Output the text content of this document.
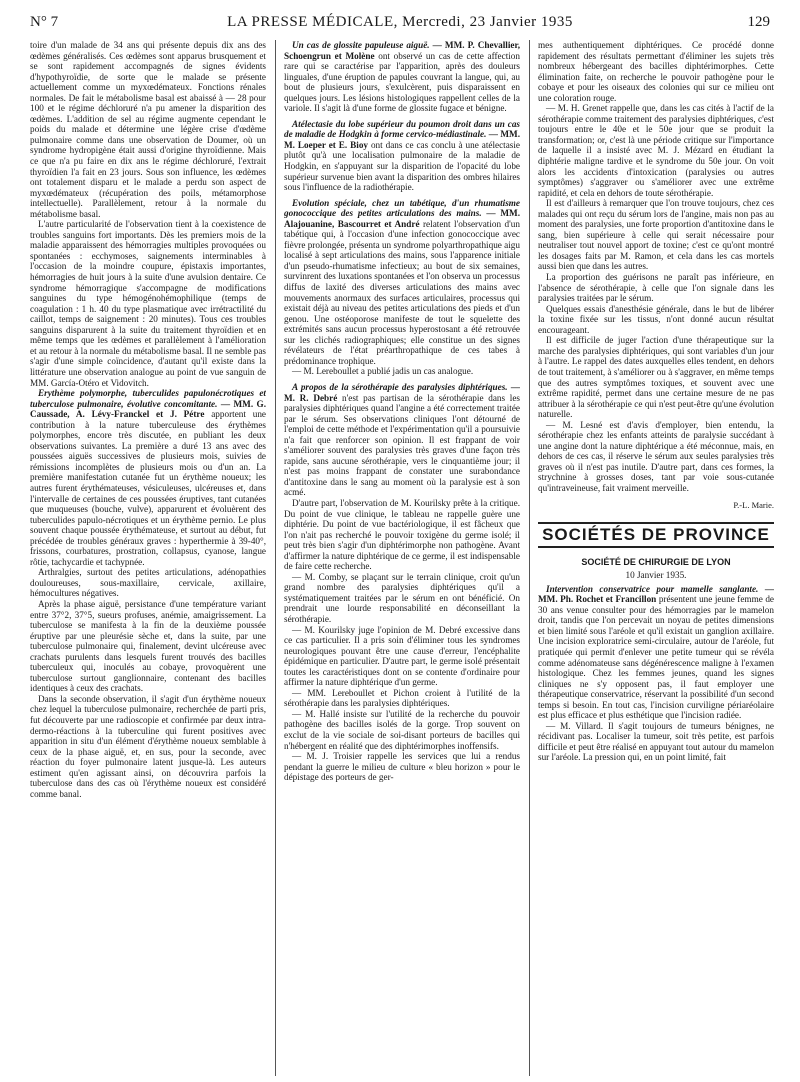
N° 7	LA PRESSE MÉDICALE, Mercredi, 23 Janvier 1935	129

toire d'un malade de 34 ans qui présente depuis dix ans des œdèmes généralisés. Ces œdèmes sont apparus brusquement et se sont rapidement accompagnés de signes évidents d'hypothyroïdie, de sorte que le malade se présente actuellement comme un myxœdémateux. Fonctions rénales normales. De fait le métabolisme basal est abaissé à — 28 pour 100 et le régime déchloruré n'a pu amener la disparition des œdèmes. L'addition de sel au régime augmente cependant le poids du malade et détermine une légère crise d'œdème pulmonaire comme dans une observation de Doumer, où un syndrome hydropigène était aussi d'origine thyroïdienne. Mais ce que n'a pu faire en dix ans le régime déchloruré, l'extrait thyroïdien l'a fait en 23 jours. Sous son influence, les œdèmes ont totalement disparu et le malade a perdu son aspect de myxœdémateux (récupération des poils, métamorphose intellectuelle). Parallèlement, retour à la normale du métabolisme basal.

L'autre particularité de l'observation tient à la coexistence de troubles sanguins fort importants. Dès les premiers mois de la maladie apparaissent des hémorragies multiples provoquées ou spontanées : ecchymoses, saignements interminables à l'occasion de la moindre coupure, épistaxis importantes, hémorragies de huit jours à la suite d'une avulsion dentaire. Ce syndrome hémorragique s'accompagne de modifications sanguines du type hémogénohémophilique (temps de coagulation : 1 h. 40 du type plasmatique avec irrétractilité du caillot, temps de saignement : 20 minutes). Tous ces troubles sanguins disparurent à la suite du traitement thyroïdien et en même temps que les œdèmes et parallèlement à l'amélioration et au retour à la normale du métabolisme basal. Il ne semble pas s'agir d'une simple coïncidence, d'autant qu'il existe dans la littérature une observation analogue au point de vue sanguin de MM. García-Otéro et Vidovitch.

Erythème polymorphe, tuberculides papulonécrotiques et tuberculose pulmonaire, évolutive concomitante. — MM. G. Caussade, A. Lévy-Franckel et J. Pétre apportent une contribution à la nature tuberculeuse des érythèmes polymorphes, encore très discutée, en publiant les deux observations suivantes. La première a duré 13 ans avec des poussées aiguës successives de plusieurs mois, suivies de rémissions incomplètes de plusieurs mois ou d'un an. La première manifestation cutanée fut un érythème noueux; les autres furent érythémateuses, vésiculeuses, ulcéreuses et, dans l'intervalle de certaines de ces poussées éruptives, tant cutanées que muqueuses (bouche, vulve), apparurent et évoluèrent des tuberculides papulo-nécrotiques et un érythème pernio. Le plus souvent chaque poussée érythémateuse, et surtout au début, fut précédée de troubles généraux graves : hyperthermie à 39-40°, frissons, courbatures, prostration, collapsus, cyanose, langue rôtie, tachycardie et tachypnée.

Arthralgies, surtout des petites articulations, adénopathies douloureuses, sous-maxillaire, cervicale, axillaire, hémocultures négatives.

Après la phase aiguë, persistance d'une température variant entre 37°2, 37°5, sueurs profuses, anémie, amaigrissement. La tuberculose se manifesta à la fin de la deuxième poussée éruptive par une pleurésie sèche et, dans la suite, par une tuberculose pulmonaire qui, finalement, devint ulcéreuse avec crachats purulents dans lesquels furent trouvés des bacilles tuberculeux qui, inoculés au cobaye, provoquèrent une tuberculose surtout ganglionnaire, contenant des bacilles identiques à ceux des crachats.

Dans la seconde observation, il s'agit d'un érythème noueux chez lequel la tuberculose pulmonaire, recherchée de parti pris, fut découverte par une radioscopie et confirmée par deux intra-dermo-réactions à la tuberculine qui furent positives avec apparition in situ d'un élément d'érythème noueux semblable à ceux de la phase aiguë, et, en sus, pour la seconde, avec réaction du foyer pulmonaire latent jusque-là. Les auteurs estiment qu'en agissant ainsi, on découvrira parfois la tuberculose dans des cas où l'érythème noueux est considéré comme banal.

Un cas de glossite papuleuse aiguë. — MM. P. Chevallier, Schoengrun et Molène ont observé un cas de cette affection rare qui se caractérise par l'apparition, après des douleurs linguales, d'une éruption de papules couvrant la langue, qui, au bout de plusieurs jours, s'exulcèrent, puis disparaissent en quelques jours. Les lésions histologiques rappellent celles de la variole. Il s'agit là d'une forme de glossite fugace et bénigne.

Atélectasie du lobe supérieur du poumon droit dans un cas de maladie de Hodgkin à forme cervico-médiastinale. — MM. M. Loeper et E. Bioy ont dans ce cas conclu à une atélectasie plutôt qu'à une localisation pulmonaire de la maladie de Hodgkin, en s'appuyant sur la disparition de l'opacité du lobe supérieur survenue bien avant la disparition des ombres hilaires sous l'influence de la radiothérapie.

Evolution spéciale, chez un tabétique, d'un rhumatisme gonococcique des petites articulations des mains. — MM. Alajouanine, Bascourret et André relatent l'observation d'un tabétique qui, à l'occasion d'une infection gonococcique avec fièvre prolongée, présenta un syndrome polyarthropathique aigu localisé à sept articulations des mains, sous l'apparence initiale d'un pseudo-rhumatisme infectieux; au bout de six semaines, survinrent des luxations spontanées et l'on observa un processus diffus de laxité des diverses articulations des mains avec mouvements anormaux des surfaces articulaires, processus qui existait déjà au niveau des petites articulations des pieds et d'un genou. Une ostéoporose manifeste de tout le squelette des extrémités sans aucun processus hyperostosant a été retrouvée sur les clichés radiographiques; elle constitue un des signes révélateurs de l'état préarthropathique de ces tabes à prédominance trophique.

— M. Lereboullet a publié jadis un cas analogue.

A propos de la sérothérapie des paralysies diphtériques. — M. R. Debré n'est pas partisan de la sérothérapie dans les paralysies diphtériques quand l'angine a été correctement traitée par le sérum. Ses observations cliniques l'ont détourné de l'emploi de cette méthode et l'expérimentation qu'il a poursuivie n'a fait que renforcer son opinion. Il est frappant de voir s'améliorer souvent des paralysies très graves d'une façon très rapide, sans aucune sérothérapie, vers le cinquantième jour; il n'est pas moins frappant de constater une surabondance d'antitoxine dans le sang au moment où la paralysie est à son acmé.

D'autre part, l'observation de M. Kourilsky prête à la critique. Du point de vue clinique, le tableau ne rappelle guère une diphtérie. Du point de vue bactériologique, il est fâcheux que l'on n'ait pas recherché le pouvoir toxigène du germe isolé; il peut très bien s'agir d'un diphtérimorphe non pathogène. Avant d'affirmer la nature diphtérique de ce germe, il est indispensable de faire cette recherche.

— M. Comby, se plaçant sur le terrain clinique, croit qu'un grand nombre des paralysies diphtériques qu'il a systématiquement traitées par le sérum en ont bénéficié. On prendrait une lourde responsabilité en déconseillant la sérothérapie.

— M. Kourilsky juge l'opinion de M. Debré excessive dans ce cas particulier. Il a pris soin d'éliminer tous les syndromes neurologiques pouvant être une cause d'erreur, l'encéphalite épidémique en particulier. D'autre part, le germe isolé présentait toutes les caractéristiques dont on se contente d'ordinaire pour affirmer la nature diphtérique d'un germe.

— MM. Lereboullet et Pichon croient à l'utilité de la sérothérapie dans les paralysies diphtériques.

— M. Hallé insiste sur l'utilité de la recherche du pouvoir pathogène des bacilles isolés de la gorge. Trop souvent on exclut de la vie sociale de soi-disant porteurs de bacilles qui n'hébergent en réalité que des diphtérimorphes inoffensifs.

— M. J. Troisier rappelle les services que lui a rendus pendant la guerre le milieu de culture « bleu horizon » pour le dépistage des porteurs de ger-

mes authentiquement diphtériques. Ce procédé donne rapidement des résultats permettant d'éliminer les sujets très nombreux hébergeant des bacilles diphtérimorphes. Cette élimination faite, on recherche le pouvoir pathogène pour le cobaye et pour les oiseaux des colonies qui sur ce milieu ont une coloration rouge.

— M. H. Grenet rappelle que, dans les cas cités à l'actif de la sérothérapie comme traitement des paralysies diphtériques, c'est toujours entre le 40e et le 50e jour que se produit la transformation; or, c'est là une période critique sur l'importance de laquelle il a insisté avec M. J. Mézard en étudiant la diphtérie maligne tardive et le syndrome du 50e jour. On voit alors les accidents d'intoxication (paralysies ou autres symptômes) s'aggraver ou s'améliorer avec une extrême rapidité, et cela en dehors de toute sérothérapie.

Il est d'ailleurs à remarquer que l'on trouve toujours, chez ces malades qui ont reçu du sérum lors de l'angine, mais non pas au moment des paralysies, une forte proportion d'antitoxine dans le sang, bien supérieure à celle qui serait nécessaire pour neutraliser tout nouvel apport de toxine; c'est ce qu'ont montré les dosages faits par M. Ramon, et cela dans les cas mortels aussi bien que dans les autres.

La proportion des guérisons ne paraît pas inférieure, en l'absence de sérothérapie, à celle que l'on signale dans les paralysies traitées par le sérum.

Quelques essais d'anesthésie générale, dans le but de libérer la toxine fixée sur les tissus, n'ont donné aucun résultat encourageant.

Il est difficile de juger l'action d'une thérapeutique sur la marche des paralysies diphtériques, qui sont variables d'un jour à l'autre. Le rappel des dates auxquelles elles tendent, en dehors de tout traitement, à s'améliorer ou à s'aggraver, en même temps que des autres symptômes toxiques, et souvent avec une extrême rapidité, permet dans une certaine mesure de ne pas attribuer à la sérothérapie ce qui n'est peut-être qu'une évolution naturelle.

— M. Lesné est d'avis d'employer, bien entendu, la sérothérapie chez les enfants atteints de paralysie succédant à une angine dont la nature diphtérique a été méconnue, mais, en dehors de ces cas, il réserve le sérum aux seules paralysies très graves où il n'est pas inutile. D'autre part, dans ces formes, la strychnine à grosses doses, tant par voie sous-cutanée qu'intraveineuse, fait vraiment merveille.

P.-L. Marie.
SOCIÉTÉS DE PROVINCE
SOCIÉTÉ DE CHIRURGIE DE LYON
10 Janvier 1935.

Intervention conservatrice pour mamelle sanglante. — MM. Ph. Rochet et Francillon présentent une jeune femme de 30 ans venue consulter pour des hémorragies par le mamelon droit, tandis que l'on percevait un noyau de petites dimensions et bien limité sous l'aréole et qu'il existait un ganglion axillaire. Une incision exploratrice semi-circulaire, autour de l'aréole, fut pratiquée qui permit d'enlever une petite tumeur qui se révéla comme adénomateuse sans dégénérescence maligne à l'examen histologique. Chez les femmes jeunes, quand les signes cliniques ne s'y opposent pas, il faut employer une thérapeutique conservatrice, réservant la possibilité d'un second temps si besoin. En tout cas, l'incision curviligne périaréolaire est plus efficace et plus esthétique que l'incision radiée.

— M. Villard. Il s'agit toujours de tumeurs bénignes, ne récidivant pas. Localiser la tumeur, soit très petite, est parfois difficile et peut être réalisé en appuyant tout autour du mamelon sur l'aréole. La pression qui, en un point limité, fait
